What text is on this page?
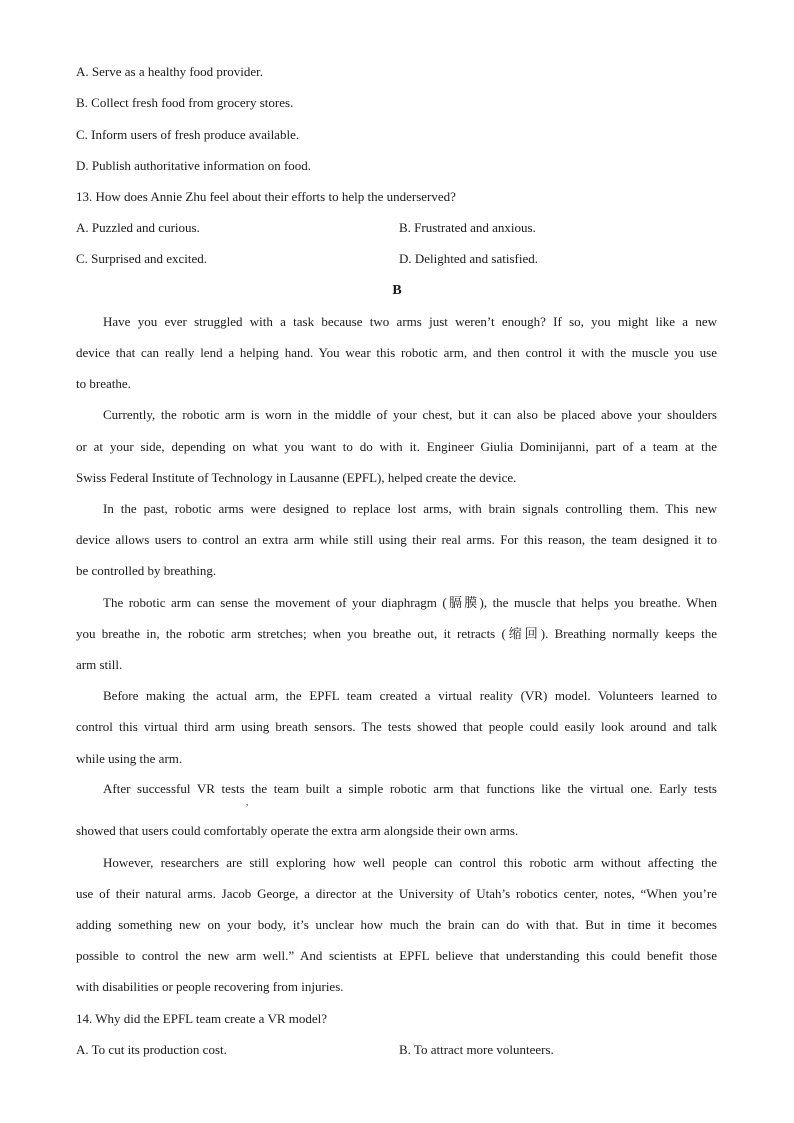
A. Serve as a healthy food provider.
B. Collect fresh food from grocery stores.
C. Inform users of fresh produce available.
D. Publish authoritative information on food.
13. How does Annie Zhu feel about their efforts to help the underserved?
A. Puzzled and curious.	B. Frustrated and anxious.
C. Surprised and excited.	D. Delighted and satisfied.
B
Have you ever struggled with a task because two arms just weren’t enough? If so, you might like a new
device that can really lend a helping hand. You wear this robotic arm, and then control it with the muscle you use
to breathe.
Currently, the robotic arm is worn in the middle of your chest, but it can also be placed above your shoulders
or at your side, depending on what you want to do with it. Engineer Giulia Dominijanni, part of a team at the
Swiss Federal Institute of Technology in Lausanne (EPFL), helped create the device.
In the past, robotic arms were designed to replace lost arms, with brain signals controlling them. This new
device allows users to control an extra arm while still using their real arms. For this reason, the team designed it to
be controlled by breathing.
The robotic arm can sense the movement of your diaphragm (膈膜), the muscle that helps you breathe. When
you breathe in, the robotic arm stretches; when you breathe out, it retracts (缩回). Breathing normally keeps the
arm still.
Before making the actual arm, the EPFL team created a virtual reality (VR) model. Volunteers learned to
control this virtual third arm using breath sensors. The tests showed that people could easily look around and talk
while using the arm.
After successful VR tests the team built a simple robotic arm that functions like the virtual one. Early tests
,
showed that users could comfortably operate the extra arm alongside their own arms.
However, researchers are still exploring how well people can control this robotic arm without affecting the
use of their natural arms. Jacob George, a director at the University of Utah’s robotics center, notes, “When you’re
adding something new on your body, it’s unclear how much the brain can do with that. But in time it becomes
possible to control the new arm well.” And scientists at EPFL believe that understanding this could benefit those
with disabilities or people recovering from injuries.
14. Why did the EPFL team create a VR model?
A. To cut its production cost.	B. To attract more volunteers.
